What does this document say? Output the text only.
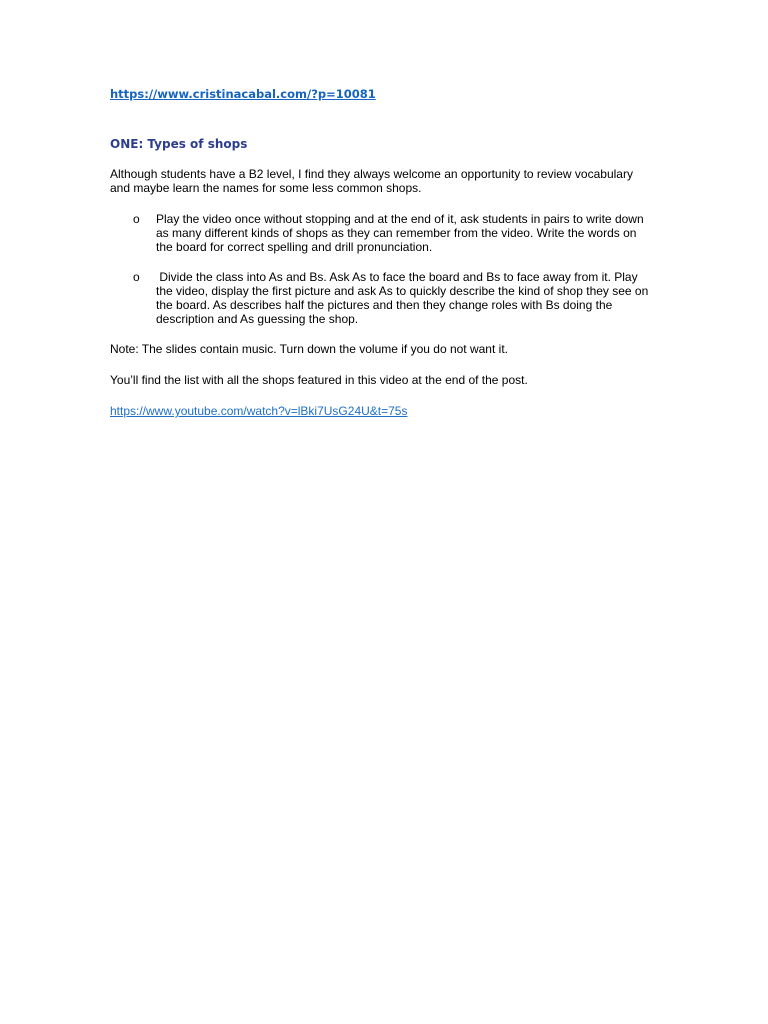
https://www.cristinacabal.com/?p=10081
ONE: Types of shops
Although students have a B2 level, I find they always welcome an opportunity to review vocabulary and maybe learn the names for some less common shops.
o Play the video once without stopping and at the end of it, ask students in pairs to write down as many different kinds of shops as they can remember from the video. Write the words on the board for correct spelling and drill pronunciation.
o Divide the class into As and Bs. Ask As to face the board and Bs to face away from it. Play the video, display the first picture and ask As to quickly describe the kind of shop they see on the board. As describes half the pictures and then they change roles with Bs doing the description and As guessing the shop.
Note: The slides contain music. Turn down the volume if you do not want it.
You’ll find the list with all the shops featured in this video at the end of the post.
https://www.youtube.com/watch?v=lBki7UsG24U&t=75s
